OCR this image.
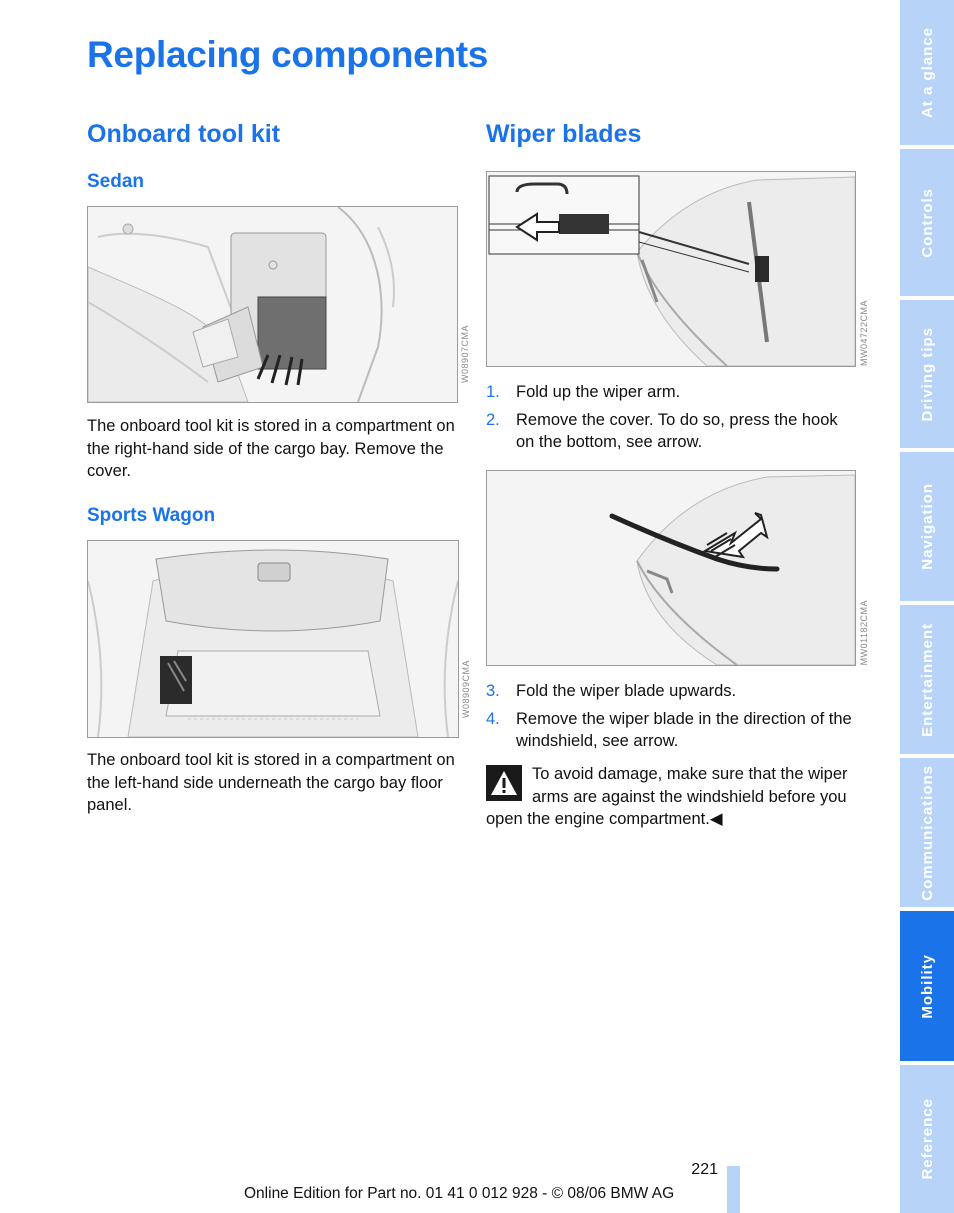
Replacing components
Onboard tool kit
Sedan
W08907CMA

The onboard tool kit is stored in a compartment on the right-hand side of the cargo bay. Remove the cover.

Sports Wagon
W08909CMA

The onboard tool kit is stored in a compartment on the left-hand side underneath the cargo bay floor panel.

Wiper blades
MW04722CMA
1. Fold up the wiper arm.
2. Remove the cover. To do so, press the hook on the bottom, see arrow.
MW01182CMA
3. Fold the wiper blade upwards.
4. Remove the wiper blade in the direction of the windshield, see arrow.
To avoid damage, make sure that the wiper arms are against the windshield before you open the engine compartment.◀
At a glance
Controls
Driving tips
Navigation
Entertainment
Communications
Mobility
Reference
221
Online Edition for Part no. 01 41 0 012 928 - © 08/06 BMW AG
